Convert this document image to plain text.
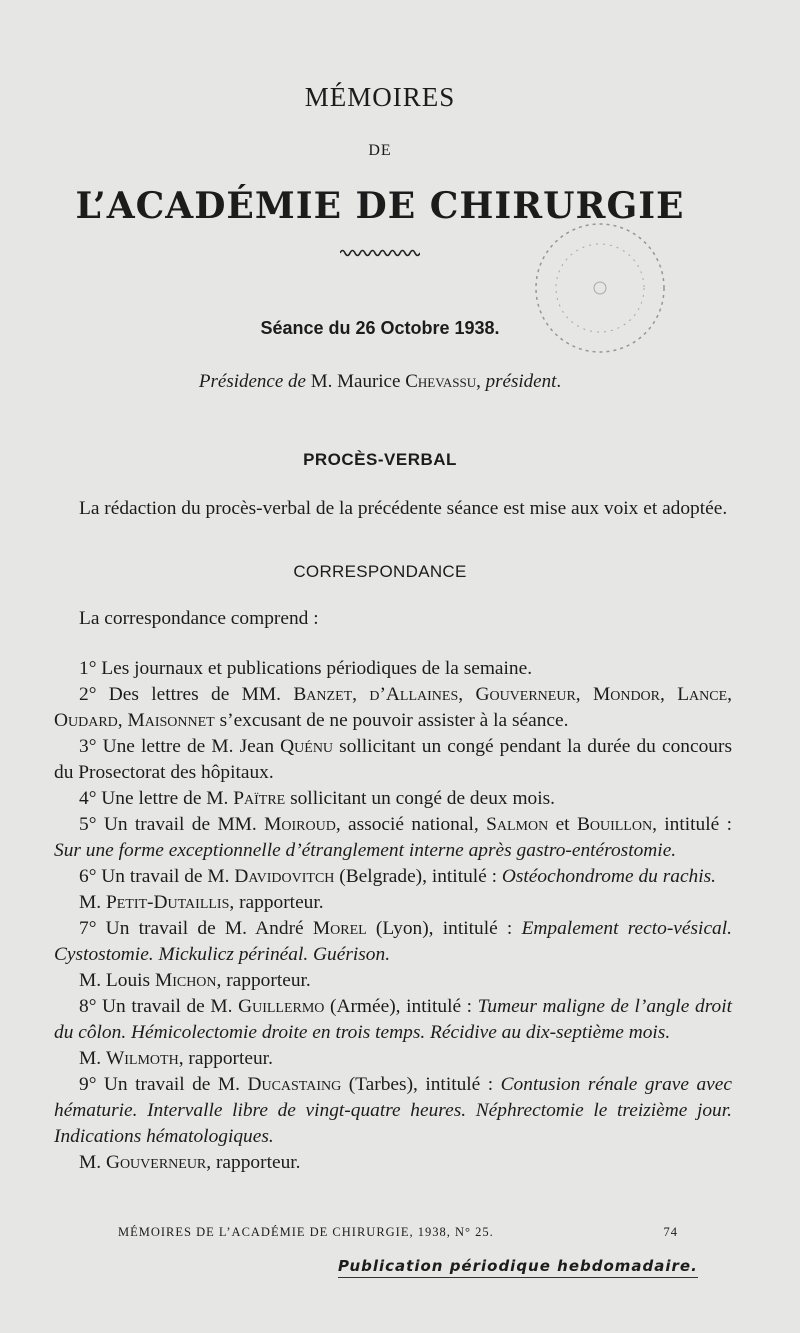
MÉMOIRES
DE
L’ACADÉMIE DE CHIRURGIE
Séance du 26 Octobre 1938.
Présidence de M. Maurice Chevassu, président.
PROCÈS-VERBAL

La rédaction du procès-verbal de la précédente séance est mise aux voix et adoptée.

CORRESPONDANCE

La correspondance comprend :

1° Les journaux et publications périodiques de la semaine.

2° Des lettres de MM. Banzet, d’Allaines, Gouverneur, Mondor, Lance, Oudard, Maisonnet s’excusant de ne pouvoir assister à la séance.

3° Une lettre de M. Jean Quénu sollicitant un congé pendant la durée du concours du Prosectorat des hôpitaux.

4° Une lettre de M. Païtre sollicitant un congé de deux mois.

5° Un travail de MM. Moiroud, associé national, Salmon et Bouillon, intitulé : Sur une forme exceptionnelle d’étranglement interne après gastro-entérostomie.

6° Un travail de M. Davidovitch (Belgrade), intitulé : Ostéochondrome du rachis.

M. Petit-Dutaillis, rapporteur.

7° Un travail de M. André Morel (Lyon), intitulé : Empalement recto-vésical. Cystostomie. Mickulicz périnéal. Guérison.

M. Louis Michon, rapporteur.

8° Un travail de M. Guillermo (Armée), intitulé : Tumeur maligne de l’angle droit du côlon. Hémicolectomie droite en trois temps. Récidive au dix-septième mois.

M. Wilmoth, rapporteur.

9° Un travail de M. Ducastaing (Tarbes), intitulé : Contusion rénale grave avec hématurie. Intervalle libre de vingt-quatre heures. Néphrectomie le treizième jour. Indications hématologiques.

M. Gouverneur, rapporteur.

MÉMOIRES DE L’ACADÉMIE DE CHIRURGIE, 1938, N° 25.	74
Publication périodique hebdomadaire.
